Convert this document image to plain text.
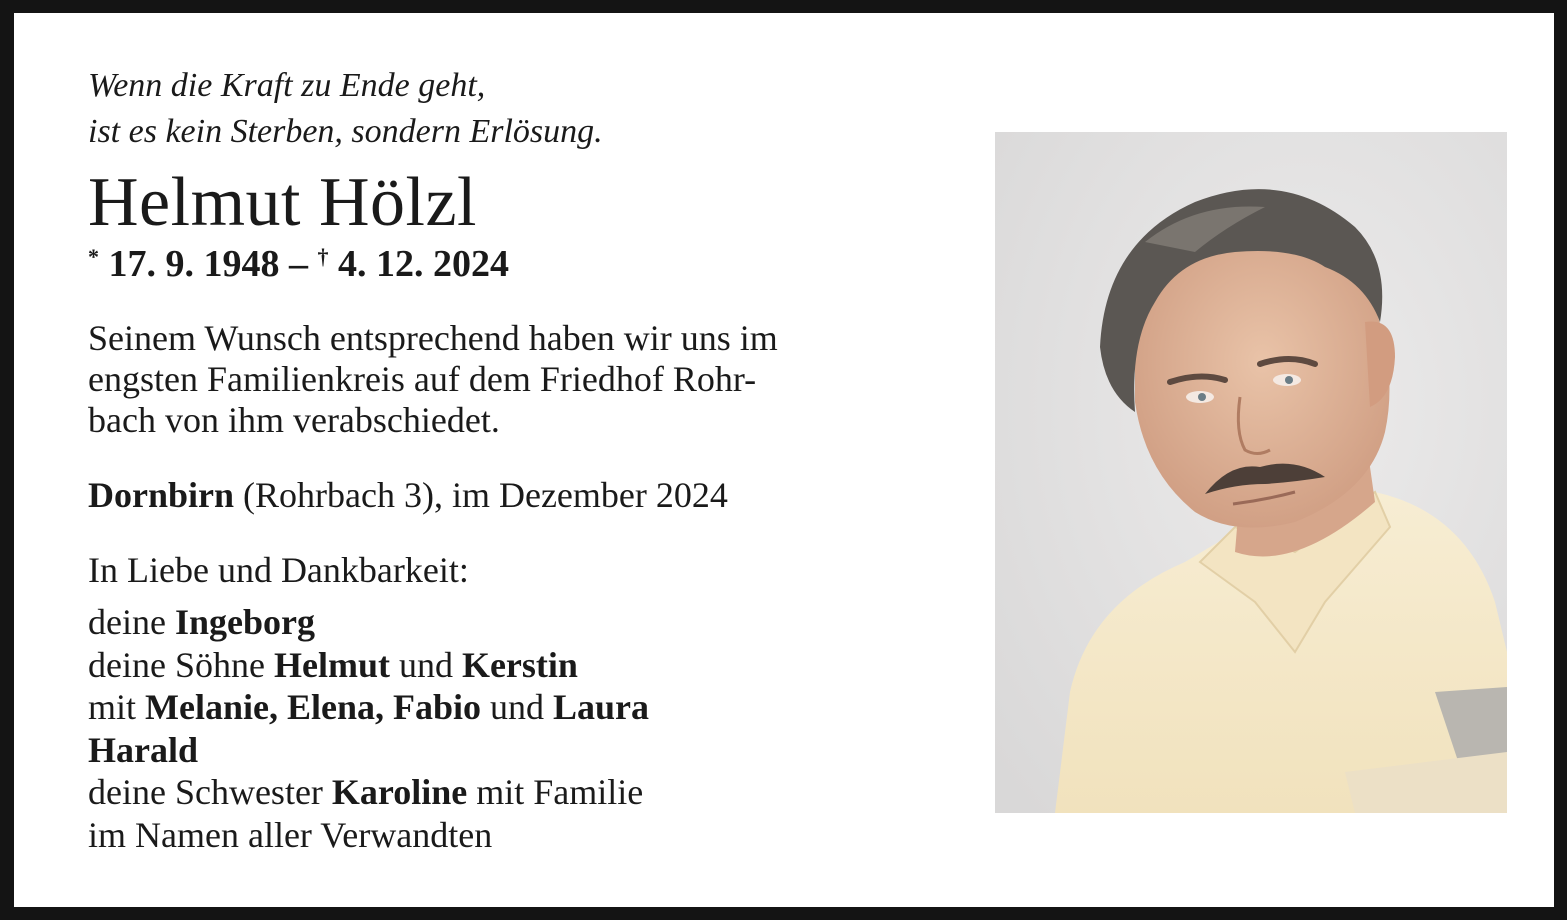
Wenn die Kraft zu Ende geht,
ist es kein Sterben, sondern Erlösung.

Helmut Hölzl

* 17. 9. 1948 – † 4. 12. 2024

Seinem Wunsch entsprechend haben wir uns im
engsten Familienkreis auf dem Friedhof Rohr-
bach von ihm verabschiedet.

Dornbirn (Rohrbach 3), im Dezember 2024

In Liebe und Dankbarkeit:

deine Ingeborg
deine Söhne Helmut und Kerstin
mit Melanie, Elena, Fabio und Laura
Harald
deine Schwester Karoline mit Familie
im Namen aller Verwandten
